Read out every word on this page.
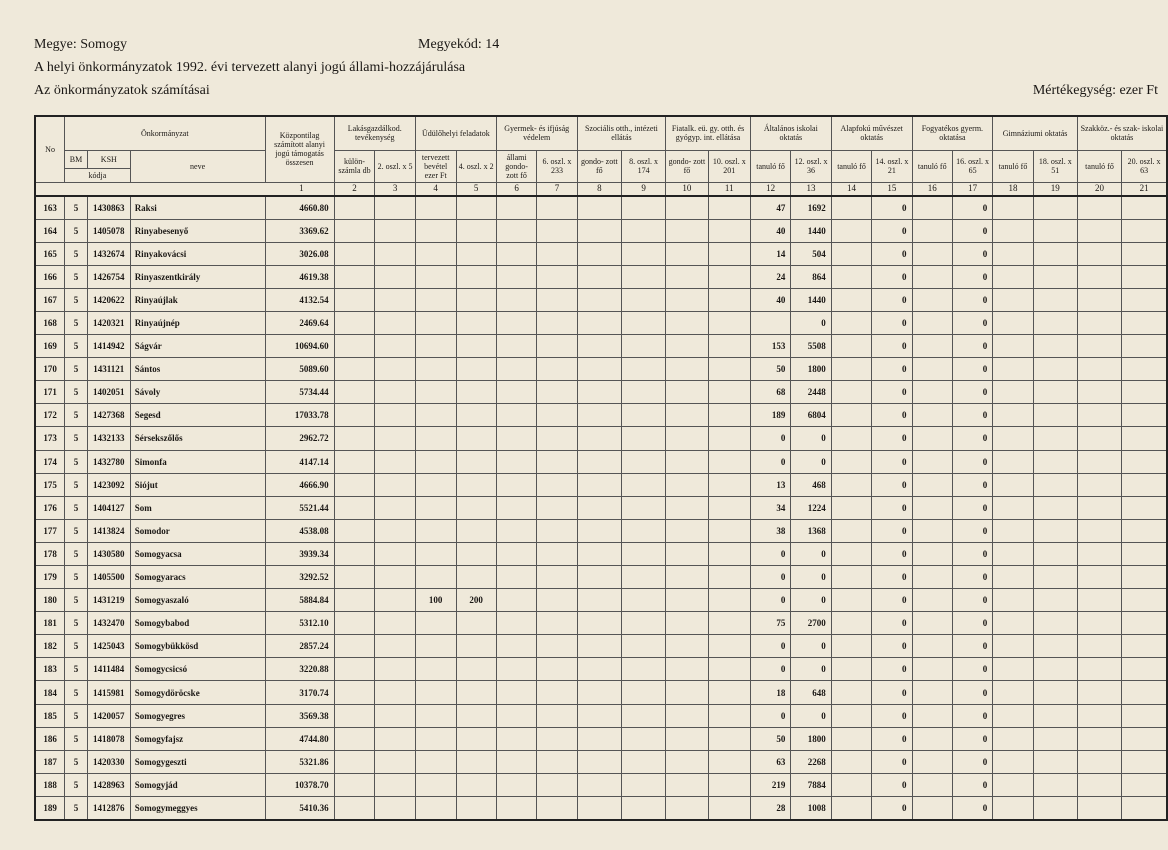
Megye: Somogy	Megyekód: 14
A helyi önkormányzatok 1992. évi tervezett alanyi jogú állami-hozzájárulása
Az önkormányzatok számításai	Mértékegység: ezer Ft
No	Önkormányzat			Központilag számított alanyi jogú támogatás összesen	Lakásgazdálkod. tevékenység		Üdülőhelyi feladatok		Gyermek- és ifjúság védelem		Szociális otth., intézeti ellátás		Fiatalk. eü. gy. otth. és gyógyp. int. ellátása		Általános iskolai oktatás		Alapfokú művészet oktatás		Fogyatékos gyerm. oktatása		Gimnáziumi oktatás		Szakköz.- és szak- iskolai oktatás	
	BM	KSH	neve		külön- számla db	2. oszl. x 5	tervezett bevétel ezer Ft	4. oszl. x 2	állami gondo- zott fő	6. oszl. x 233	gondo- zott fő	8. oszl. x 174	gondo- zott fő	10. oszl. x 201	tanuló fő	12. oszl. x 36	tanuló fő	14. oszl. x 21	tanuló fő	16. oszl. x 65	tanuló fő	18. oszl. x 51	tanuló fő	20. oszl. x 63
	kódja																							
1					2	3	4	5	6	7	8	9	10	11	12	13	14	15	16	17	18	19	20	21
163	5	1430863	Raksi	4660.80											47	1692		0		0				
164	5	1405078	Rinyabesenyő	3369.62											40	1440		0		0				
165	5	1432674	Rinyakovácsi	3026.08											14	504		0		0				
166	5	1426754	Rinyaszentkirály	4619.38											24	864		0		0				
167	5	1420622	Rinyaújlak	4132.54											40	1440		0		0				
168	5	1420321	Rinyaújnép	2469.64												0		0		0				
169	5	1414942	Ságvár	10694.60											153	5508		0		0				
170	5	1431121	Sántos	5089.60											50	1800		0		0				
171	5	1402051	Sávoly	5734.44											68	2448		0		0				
172	5	1427368	Segesd	17033.78											189	6804		0		0				
173	5	1432133	Sérsekszőlős	2962.72											0	0		0		0				
174	5	1432780	Simonfa	4147.14											0	0		0		0				
175	5	1423092	Siójut	4666.90											13	468		0		0				
176	5	1404127	Som	5521.44											34	1224		0		0				
177	5	1413824	Somodor	4538.08											38	1368		0		0				
178	5	1430580	Somogyacsa	3939.34											0	0		0		0				
179	5	1405500	Somogyaracs	3292.52											0	0		0		0				
180	5	1431219	Somogyaszaló	5884.84			100	200							0	0		0		0				
181	5	1432470	Somogybabod	5312.10											75	2700		0		0				
182	5	1425043	Somogybükkösd	2857.24											0	0		0		0				
183	5	1411484	Somogycsicsó	3220.88											0	0		0		0				
184	5	1415981	Somogydöröcske	3170.74											18	648		0		0				
185	5	1420057	Somogyegres	3569.38											0	0		0		0				
186	5	1418078	Somogyfajsz	4744.80											50	1800		0		0				
187	5	1420330	Somogygeszti	5321.86											63	2268		0		0				
188	5	1428963	Somogyjád	10378.70											219	7884		0		0				
189	5	1412876	Somogymeggyes	5410.36											28	1008		0		0				
